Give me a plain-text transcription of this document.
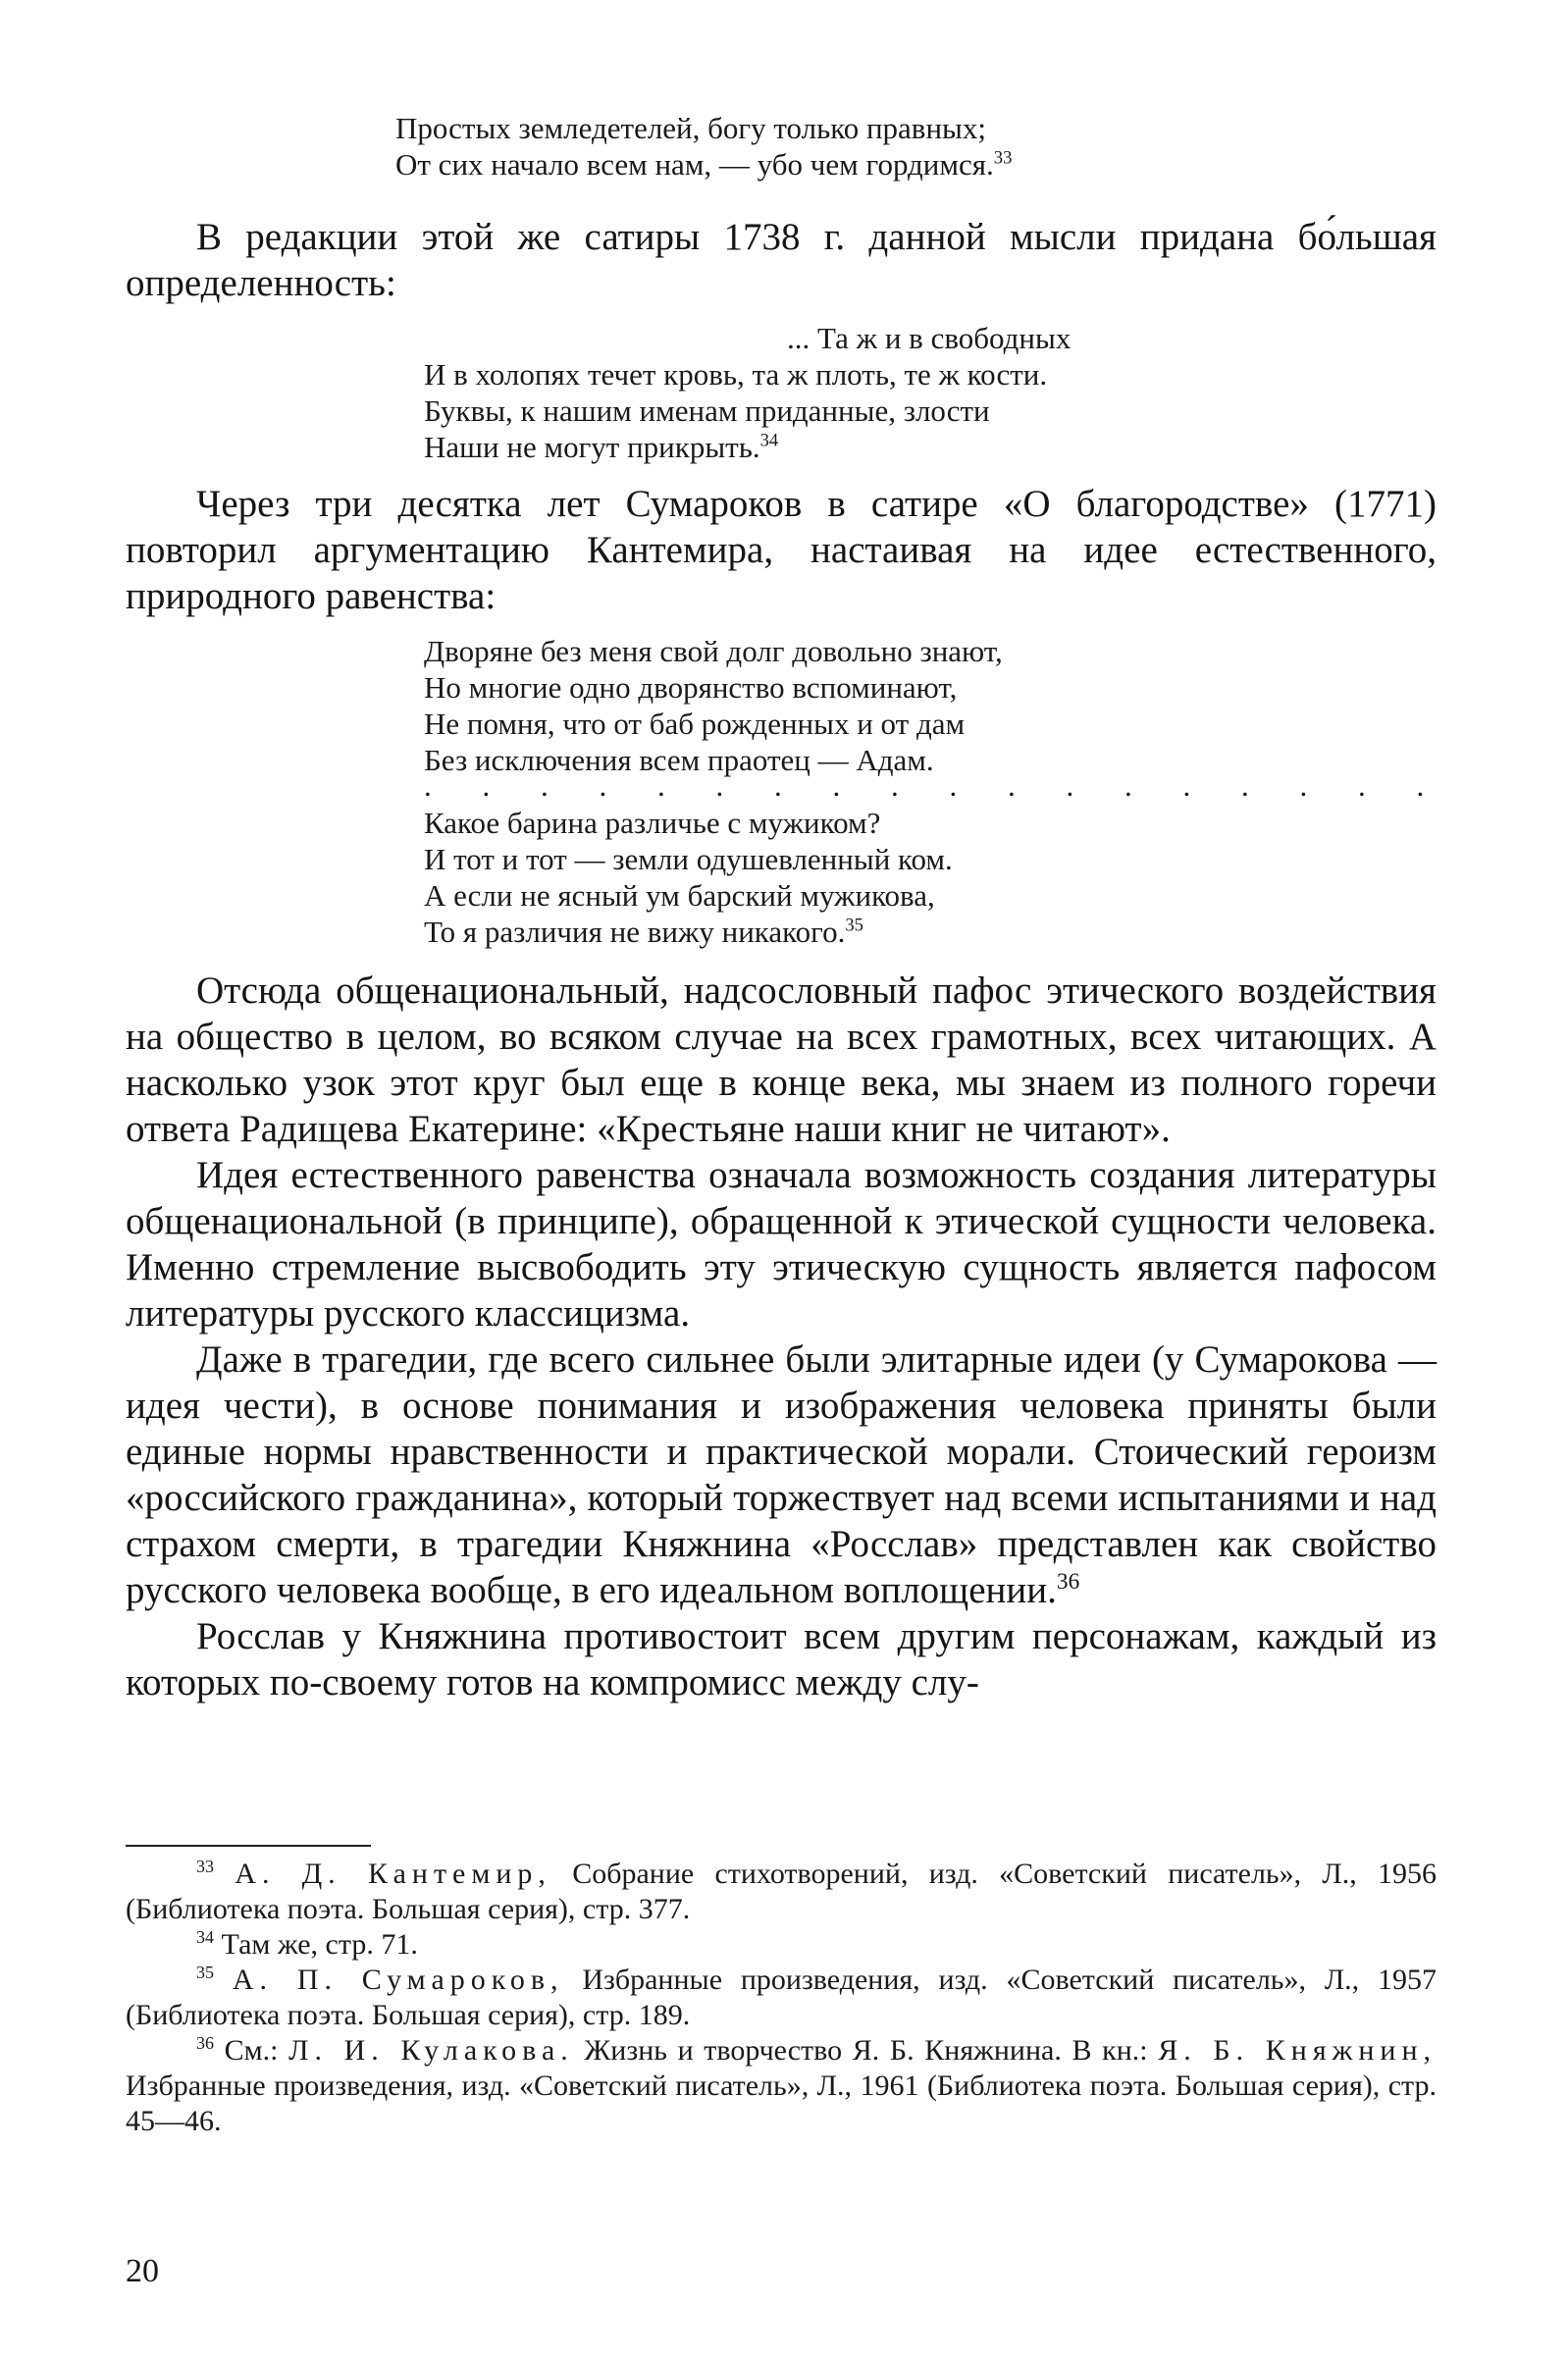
Простых земледетелей, богу только правных;
От сих начало всем нам, — убо чем гордимся.$^{33}$
В редакции этой же сатиры 1738 г. данной мысли придана бо́льшая определенность:
... Та ж и в свободных
И в холопях течет кровь, та ж плоть, те ж кости.
Буквы, к нашим именам приданные, злости
Наши не могут прикрыть.$^{34}$
Через три десятка лет Сумароков в сатире «О благородстве» (1771) повторил аргументацию Кантемира, настаивая на идее естественного, природного равенства:
Дворяне без меня свой долг довольно знают,
Но многие одно дворянство вспоминают,
Не помня, что от баб рожденных и от дам
Без исключения всем праотец — Адам.
. . . . . . . . . . . . . . . . . .
Какое барина различье с мужиком?
И тот и тот — земли одушевленный ком.
А если не ясный ум барский мужикова,
То я различия не вижу никакого.$^{35}$
Отсюда общенациональный, надсословный пафос этического воздействия на общество в целом, во всяком случае на всех грамотных, всех читающих. А насколько узок этот круг был еще в конце века, мы знаем из полного горечи ответа Радищева Екатерине: «Крестьяне наши книг не читают».
Идея естественного равенства означала возможность создания литературы общенациональной (в принципе), обращенной к этической сущности человека. Именно стремление высвободить эту этическую сущность является пафосом литературы русского классицизма.
Даже в трагедии, где всего сильнее были элитарные идеи (у Сумарокова — идея чести), в основе понимания и изображения человека приняты были единые нормы нравственности и практической морали. Стоический героизм «российского гражданина», который торжествует над всеми испытаниями и над страхом смерти, в трагедии Княжнина «Росслав» представлен как свойство русского человека вообще, в его идеальном воплощении.$^{36}$
Росслав у Княжнина противостоит всем другим персонажам, каждый из которых по-своему готов на компромисс между слу-
$^{33}$ А. Д. Кантемир, Собрание стихотворений, изд. «Советский писатель», Л., 1956 (Библиотека поэта. Большая серия), стр. 377.
$^{34}$ Там же, стр. 71.
$^{35}$ А. П. Сумароков, Избранные произведения, изд. «Советский писатель», Л., 1957 (Библиотека поэта. Большая серия), стр. 189.
$^{36}$ См.: Л. И. Кулакова. Жизнь и творчество Я. Б. Княжнина. В кн.: Я. Б. Княжнин, Избранные произведения, изд. «Советский писатель», Л., 1961 (Библиотека поэта. Большая серия), стр. 45—46.
20
